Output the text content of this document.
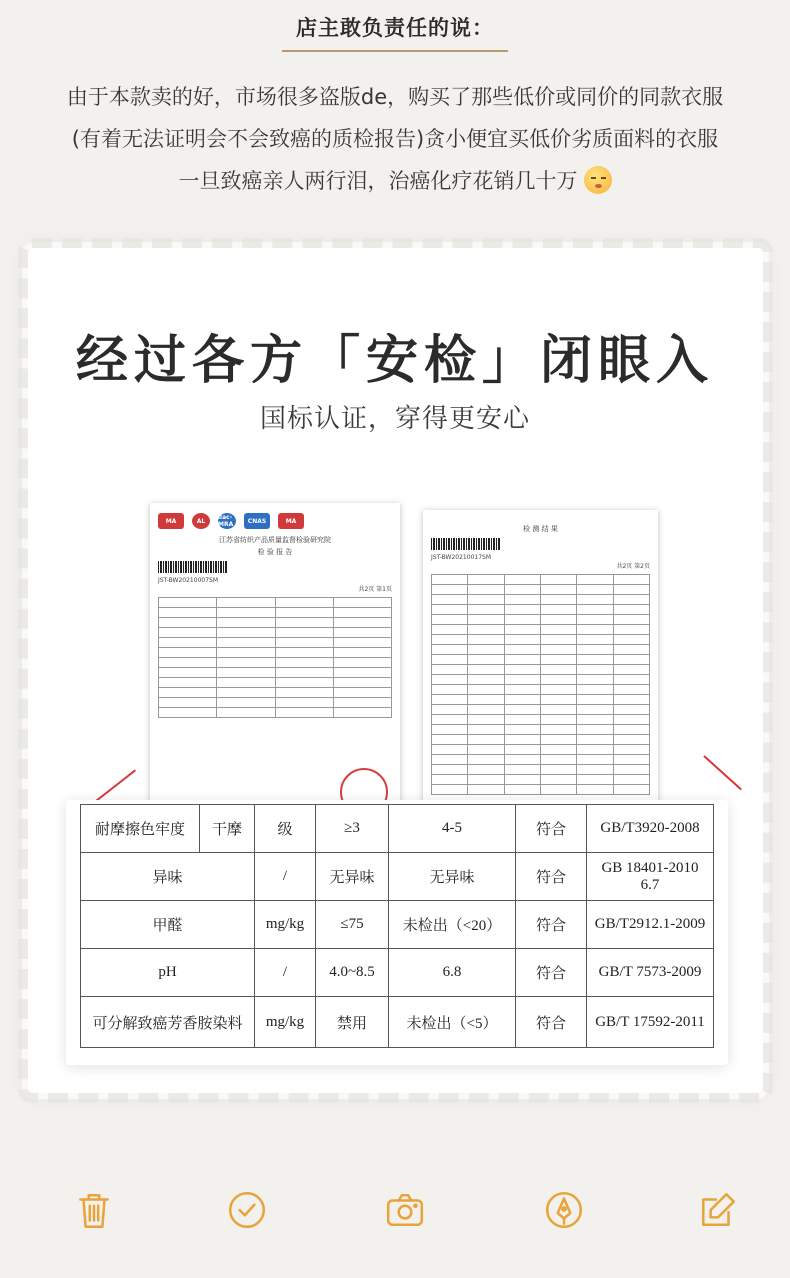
店主敢负责任的说：

由于本款卖的好，市场很多盗版de，购买了那些低价或同价的同款衣服

(有着无法证明会不会致癌的质检报告)贪小便宜买低价劣质面料的衣服

一旦致癌亲人两行泪，治癌化疗花销几十万

经过各方「安检」闭眼入
国标认证，穿得更安心
MA	AL	ilac-MRA	CNAS	MA
江苏省纺织产品质量监督检验研究院
检 验 报 告
JST-BW20210007SM
共2页 第1页

检 测 结 果
JST-BW20210017SM
共2页 第2页

耐摩擦色牢度	干摩	级	≥3	4-5	符合	GB/T3920-2008
异味		/	无异味	无异味	符合	GB 18401-2010 6.7
甲醛		mg/kg	≤75	未检出（<20）	符合	GB/T2912.1-2009
pH		/	4.0~8.5	6.8	符合	GB/T 7573-2009
可分解致癌芳香胺染料		mg/kg	禁用	未检出（<5）	符合	GB/T 17592-2011
